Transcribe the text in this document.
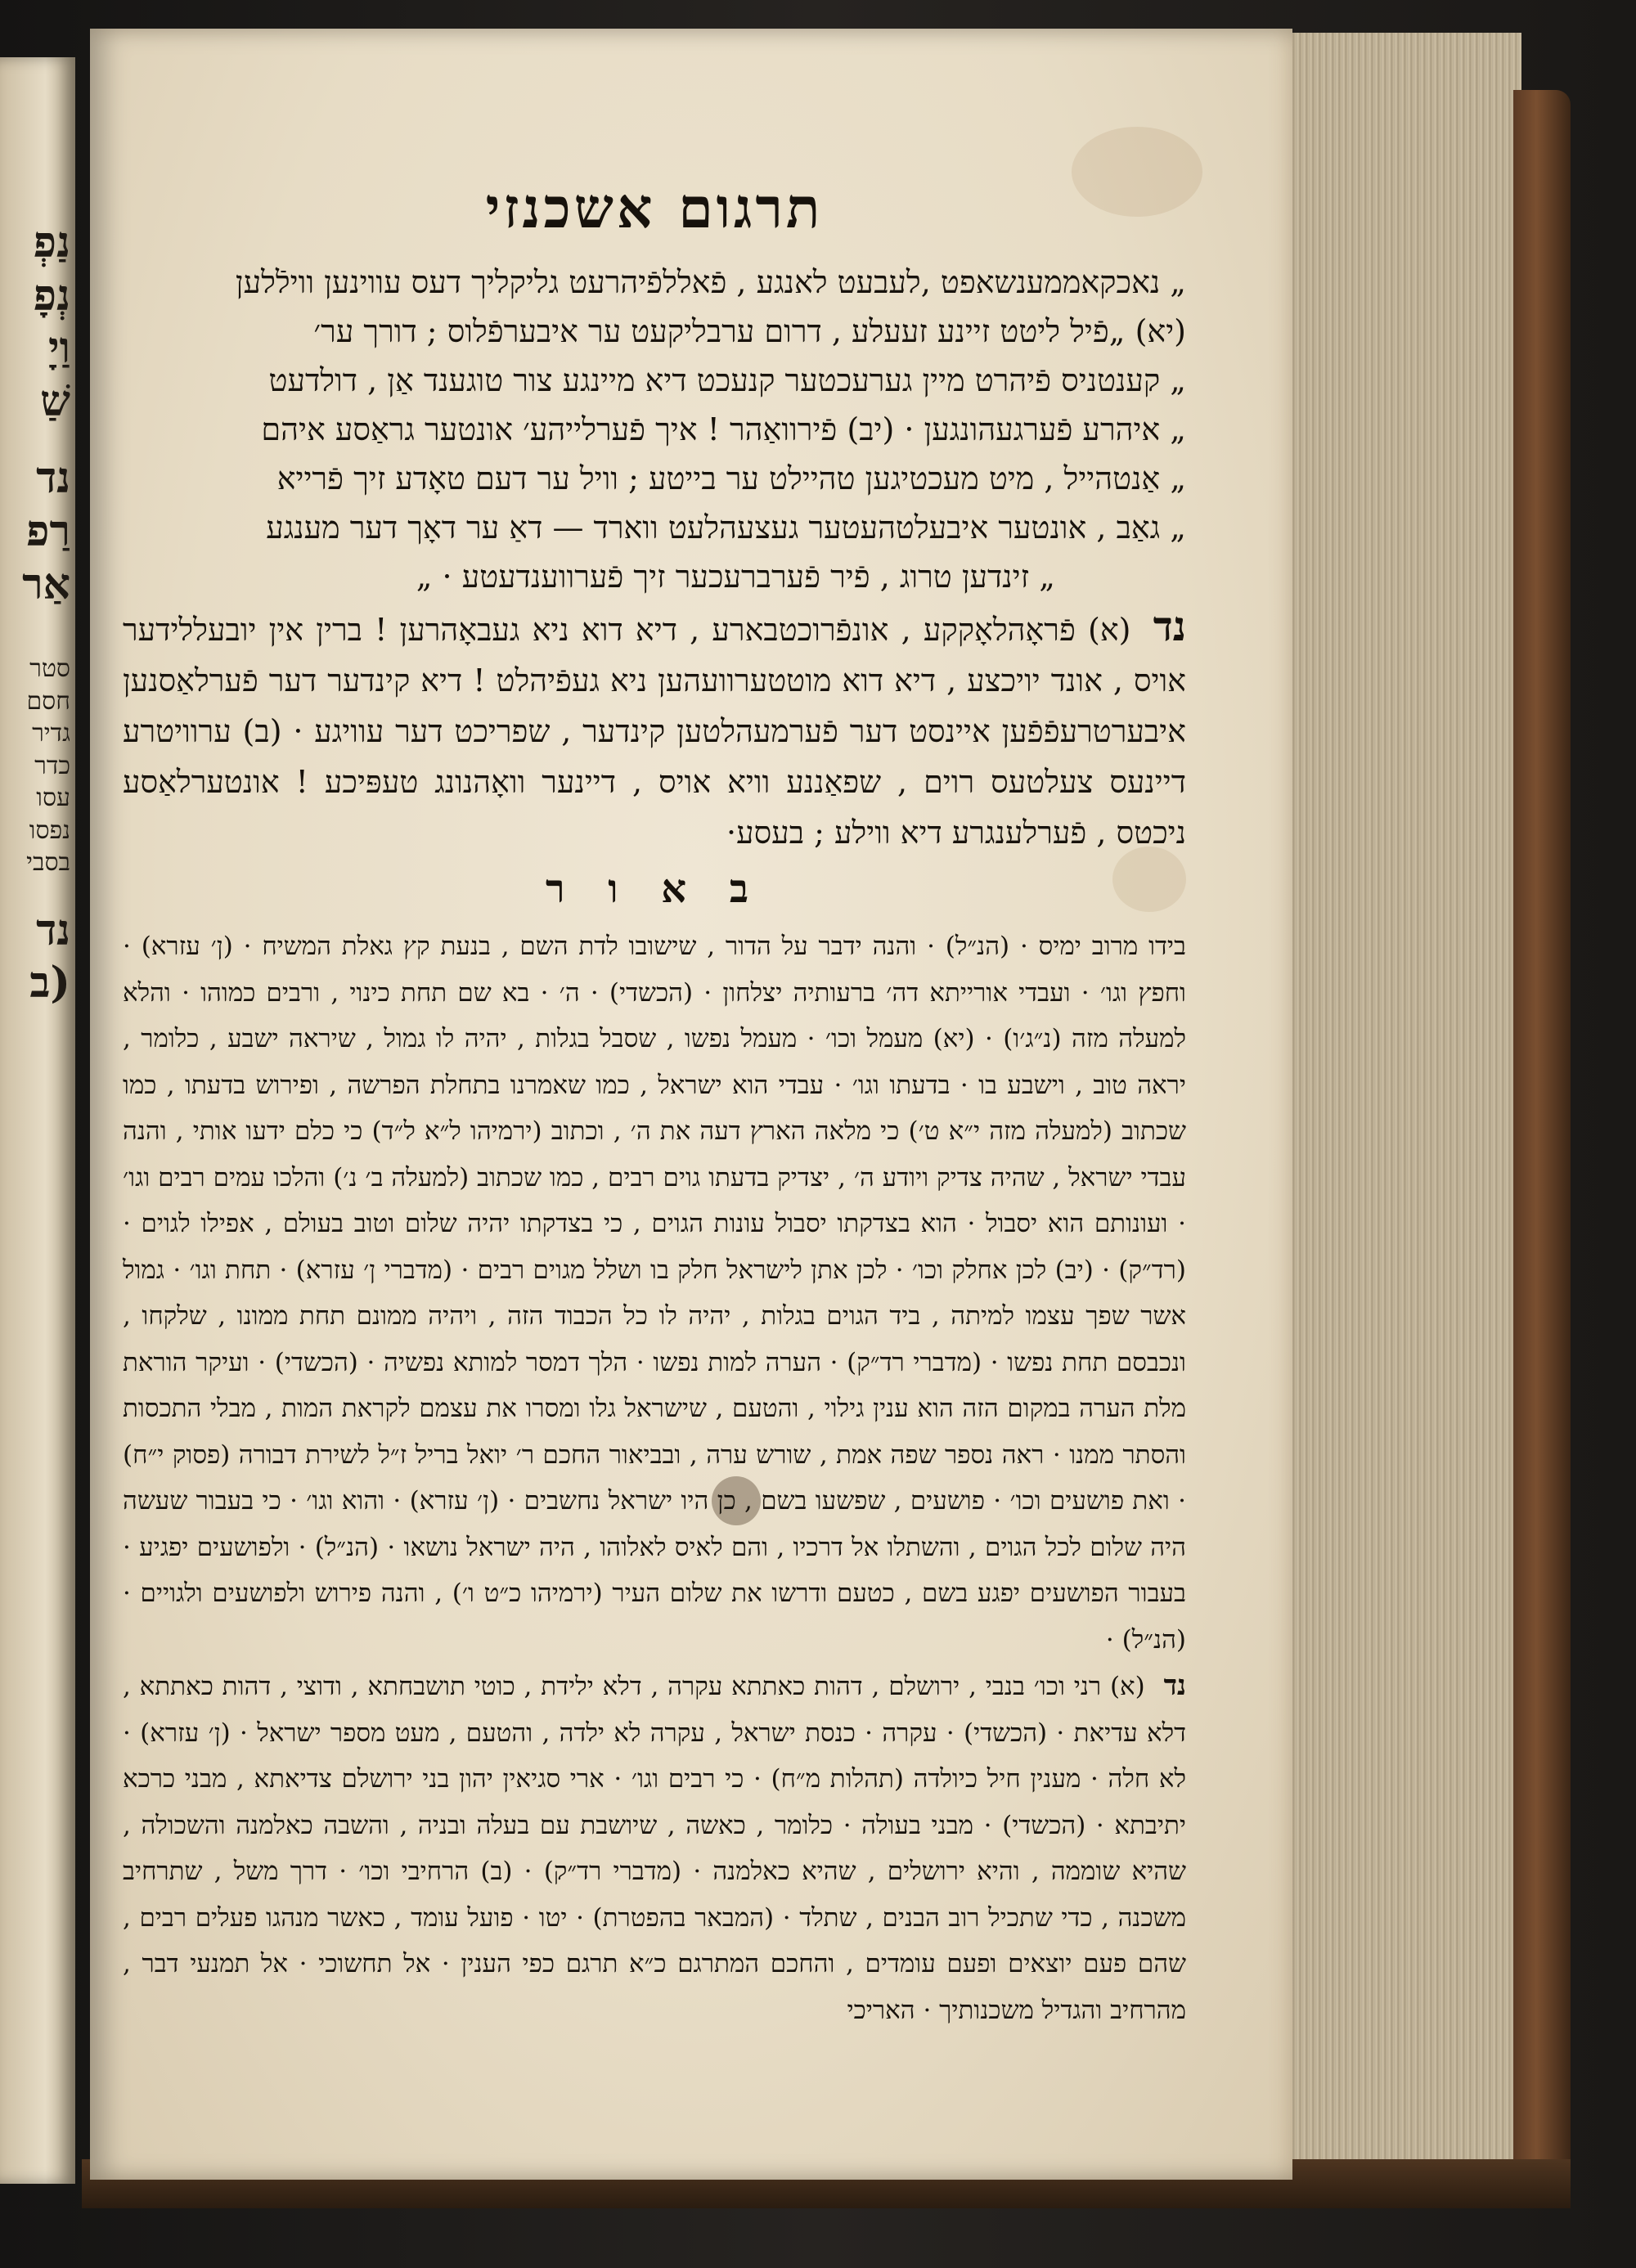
נַפְ
נְפָ
וַיָ
שַׁ
נד
רַפ
אַר
סטר
חסם
גדיר
כדר
עסו
נפסו
בסבי
נד
(ב
תרגום אשכנזי
„ נאכקאממענשאפט ,לעבעט לאנגע , פֿאללפֿיהרעט גליקליך דעס עווינען ווילֿלען
(יא) „פֿיל ליטט זיינע זעעלע , דרום ערבליקעט ער איבערפֿלוס ; דורך ער׳
„ קענטניס פֿיהרט מיין גערעכטער קנעכט דיא מיינגע צור טוגענד אַן , דולדעט
„ איהרע פֿערגעהונגען · (יב) פֿירוואַהר ! איך פֿערלייהע׳ אונטער גראַסע איהם
„ אַנטהייל , מיט מעכטיגען טהיילט ער בייטע ; וויל ער דעם טאָדע זיך פֿרייא
„ גאַב , אונטער איבעלטהעטער געצעהלעט ווארד — דאַ ער דאָך דער מענגע
„ זינדען טרוג , פֿיר פֿערברעכער זיך פֿערווענדעטע · „
נד (א) פֿראָהלאָקקע , אונפֿרוכטבארע , דיא דוא ניא געבאָהרען ! ברין אין יובעללידער אויס , אונד יויכצע , דיא דוא מוטטערוועהען ניא געפֿיהלט ! דיא קינדער דער פֿערלאַסנען איבערטרעפֿפֿען איינסט דער פֿערמעהלטען קינדער , שפריכט דער עוויגע · (ב) ערוויטרע דיינעס צעלטעס רוים , שפאַננע וויא אויס , דיינער וואָהנונג טעפּיכע ! אונטערלאַסע ניכטס , פֿערלענגרע דיא ווילע ; בעסע·
ב א ו ר
בידו מרוב ימיס · (הנ״ל) · והנה ידבר על הדור , שישובו לדת השם , בנעת קץ גאלת המשיח · (ן׳ עזרא) · וחפץ וגו׳ · ועבדי אורייתא דה׳ ברעותיה יצלחון · (הכשדי) · ה׳ · בא שם תחת כינוי , ורבים כמוהו · והלא למעלה מזה (נ״ג׳ו) · (יא) מעמל וכו׳ · מעמל נפשו , שסבל בגלות , יהיה לו גמול , שיראה ישבע , כלומר , יראה טוב , וישבע בו · בדעתו וגו׳ · עבדי הוא ישראל , כמו שאמרנו בתחלת הפרשה , ופירוש בדעתו , כמו שכתוב (למעלה מזה י״א ט׳) כי מלאה הארץ דעה את ה׳ , וכתוב (ירמיהו ל״א ל״ד) כי כלם ידעו אותי , והנה עבדי ישראל , שהיה צדיק ויודע ה׳ , יצדיק בדעתו גוים רבים , כמו שכתוב (למעלה ב׳ נ׳) והלכו עמים רבים וגו׳ · ועונותם הוא יסבול · הוא בצדקתו יסבול עונות הגוים , כי בצדקתו יהיה שלום וטוב בעולם , אפילו לגוים · (רד״ק) · (יב) לכן אחלק וכו׳ · לכן אתן לישראל חלק בו ושלל מגוים רבים · (מדברי ן׳ עזרא) · תחת וגו׳ · גמול אשר שפך עצמו למיתה , ביד הגוים בגלות , יהיה לו כל הכבוד הזה , ויהיה ממונם תחת ממונו , שלקחו , ונכבסם תחת נפשו · (מדברי רד״ק) · הערה למות נפשו · הלך דמסר למותא נפשיה · (הכשדי) · ועיקר הוראת מלת הערה במקום הזה הוא ענין גילוי , והטעם , שישראל גלו ומסרו את עצמם לקראת המות , מבלי התכסות והסתר ממנו · ראה נספר שפה אמת , שורש ערה , ובביאור החכם ר׳ יואל בריל ז״ל לשירת דבורה (פסוק י״ח) · ואת פושעים וכו׳ · פושעים , שפשעו בשם , כן היו ישראל נחשבים · (ן׳ עזרא) · והוא וגו׳ · כי בעבור שעשה היה שלום לכל הגוים , והשתלו אל דרכיו , והם לאיס לאלוהו , היה ישראל נושאו · (הנ״ל) · ולפושעים יפגיע · בעבור הפושעים יפגע בשם , כטעם ודרשו את שלום העיר (ירמיהו כ״ט ו׳) , והנה פירוש ולפושעים ולגויים · (הנ״ל) ·
נד (א) רני וכו׳ בנבי , ירושלם , דהות כאתתא עקרה , דלא ילידת , כוטי תושבחתא , ודוצי , דהות כאתתא , דלא עדיאת · (הכשדי) · עקרה · כנסת ישראל , עקרה לא ילדה , והטעם , מעט מספר ישראל · (ן׳ עזרא) · לא חלה · מענין חיל כיולדה (תהלות מ״ח) · כי רבים וגו׳ · ארי סגיאין יהון בני ירושלם צדיאתא , מבני כרכא יתיבתא · (הכשדי) · מבני בעולה · כלומר , כאשה , שיושבת עם בעלה ובניה , והשבה כאלמנה והשכולה , שהיא שוממה , והיא ירושלים , שהיא כאלמנה · (מדברי רד״ק) · (ב) הרחיבי וכו׳ · דרך משל , שתרחיב משכנה , כדי שתכיל רוב הבנים , שתלד · (המבאר בהפטרת) · יטו · פועל עומד , כאשר מנהגו פעלים רבים , שהם פעם יוצאים ופעם עומדים , והחכם המתרגם כ״א תרגם כפי הענין · אל תחשוכי · אל תמנעי דבר , מהרחיב והגדיל משכנותיך · האריכי
